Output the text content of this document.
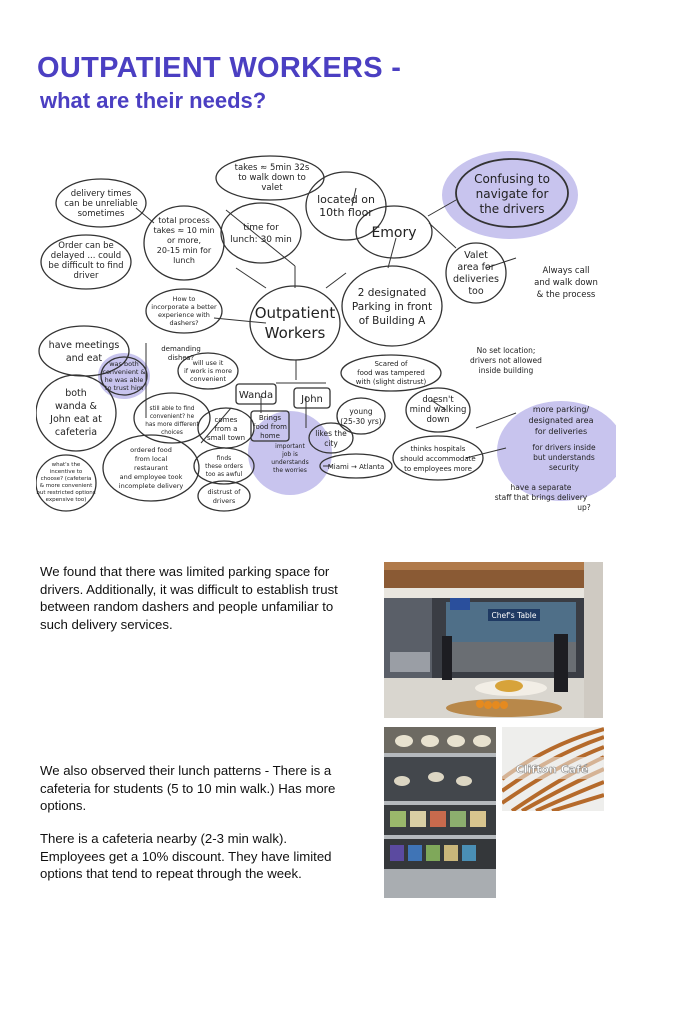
OUTPATIENT WORKERS -
what are their needs?
Outpatient Workers
delivery times can be unreliable sometimes
Order can be delayed ... could be difficult to find driver
total process takes ≈ 10 min or more, 20-15 min for lunch
takes ≈ 5min 32s to walk down to valet
time for lunch: 30 min
located on 10th floor
Emory
Confusing to navigate for the drivers
2 designated Parking in front of Building A
Valet area for deliveries too
Always call and walk down & the process
No set location; drivers not allowed inside building
have meetings and eat
both wanda & John eat at cafeteria
was both convenient & he was able to trust him
How to incorporate a better experience with dashers?
demanding dishes?
will use it if work is more convenient
Wanda	John
Scared of food was tampered with (slight distrust)
young (25-30 yrs)
doesn't mind walking down
more parking/ designated area for deliveries
for drivers inside but understands security
thinks hospitals should accommodate to employees more
have a separate staff that brings delivery up?
what's the incentive to choose? (cafeteria & more convenient but restricted options expensive too)
still able to find convenient? he has more different choices
comes from a small town
Brings food from home	likes the city
important job is understands the worries
ordered food from local restaurant and employee took incomplete delivery
finds these orders too as awful
distrust of drivers
Miami → Atlanta

We found that there was limited parking space for drivers. Additionally, it was difficult to establish trust between random dashers and people unfamiliar to such delivery services.

We also observed their lunch patterns - There is a cafeteria for students (5 to 10 min walk.) Has more options.

There is a cafeteria nearby (2-3 min walk). Employees get a 10% discount. They have limited options that tend to repeat through the week.

Chef's Table
Clifton Café
